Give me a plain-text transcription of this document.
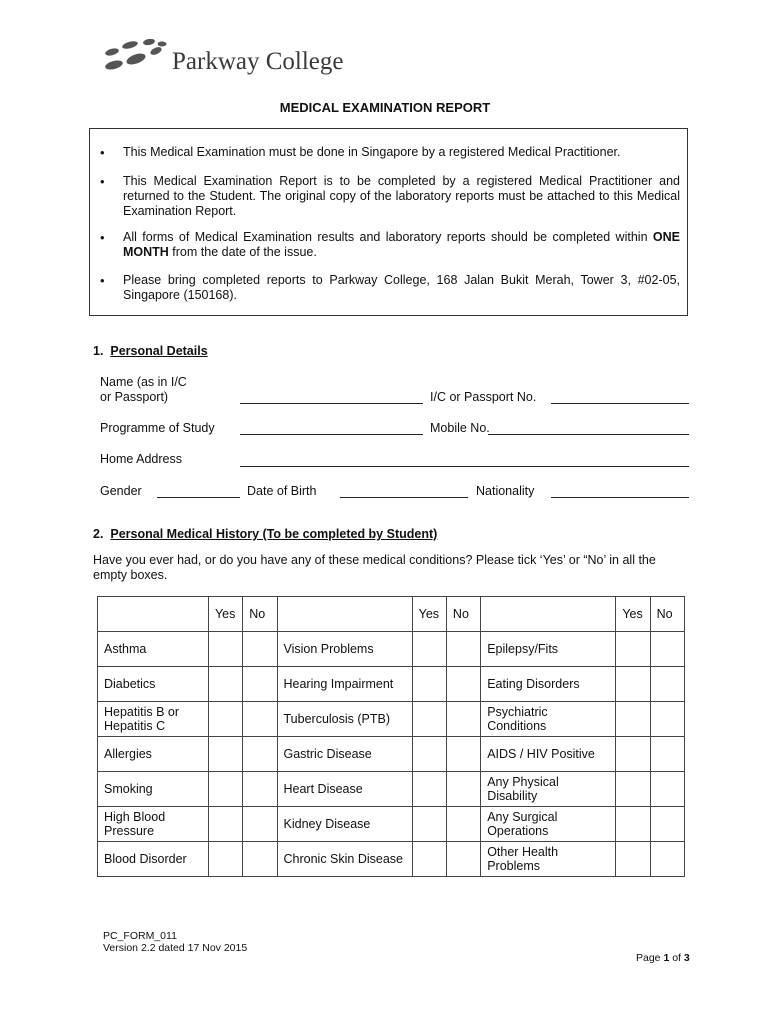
Parkway College
MEDICAL EXAMINATION REPORT
• This Medical Examination must be done in Singapore by a registered Medical Practitioner.
• This Medical Examination Report is to be completed by a registered Medical Practitioner and returned to the Student. The original copy of the laboratory reports must be attached to this Medical Examination Report.
• All forms of Medical Examination results and laboratory reports should be completed within ONE MONTH from the date of the issue.
• Please bring completed reports to Parkway College, 168 Jalan Bukit Merah, Tower 3, #02-05, Singapore (150168).
1. Personal Details
Name (as in I/C
or Passport)	I/C or Passport No.
Programme of Study	Mobile No.
Home Address
Gender	Date of Birth	Nationality
2. Personal Medical History (To be completed by Student)
Have you ever had, or do you have any of these medical conditions? Please tick ‘Yes’ or “No’ in all the empty boxes.
	Yes	No		Yes	No		Yes	No
Asthma			Vision Problems			Epilepsy/Fits		
Diabetics			Hearing Impairment			Eating Disorders		
Hepatitis B or Hepatitis C			Tuberculosis (PTB)			Psychiatric Conditions		
Allergies			Gastric Disease			AIDS / HIV Positive		
Smoking			Heart Disease			Any Physical Disability		
High Blood Pressure			Kidney Disease			Any Surgical Operations		
Blood Disorder			Chronic Skin Disease			Other Health Problems		
PC_FORM_011
Version 2.2 dated 17 Nov 2015
Page 1 of 3
